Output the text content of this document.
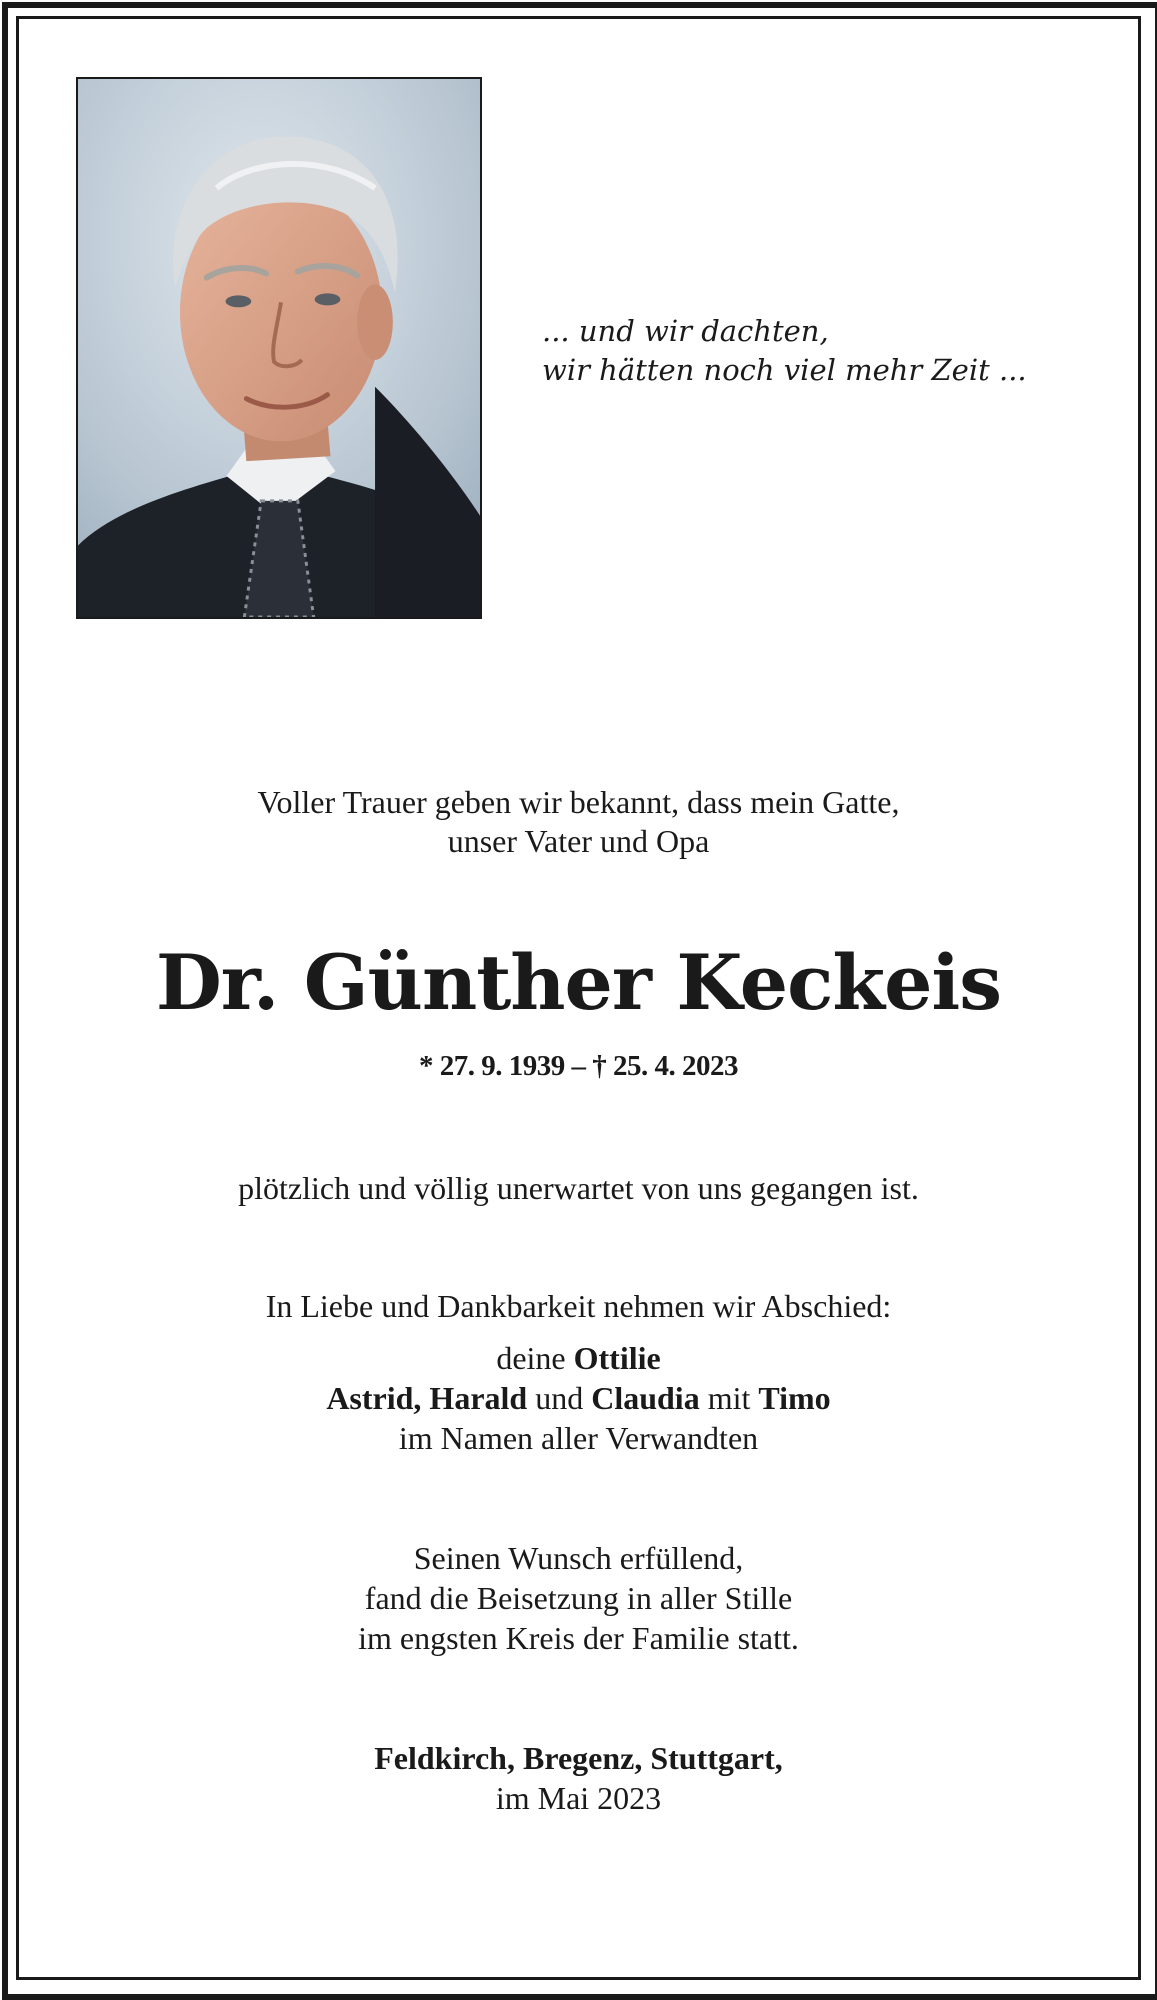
... und wir dachten,
wir hätten noch viel mehr Zeit ...
Voller Trauer geben wir bekannt, dass mein Gatte,
unser Vater und Opa
Dr. Günther Keckeis
* 27. 9. 1939 – † 25. 4. 2023
plötzlich und völlig unerwartet von uns gegangen ist.
In Liebe und Dankbarkeit nehmen wir Abschied:
deine Ottilie
Astrid, Harald und Claudia mit Timo
im Namen aller Verwandten
Seinen Wunsch erfüllend,
fand die Beisetzung in aller Stille
im engsten Kreis der Familie statt.
Feldkirch, Bregenz, Stuttgart,
im Mai 2023
